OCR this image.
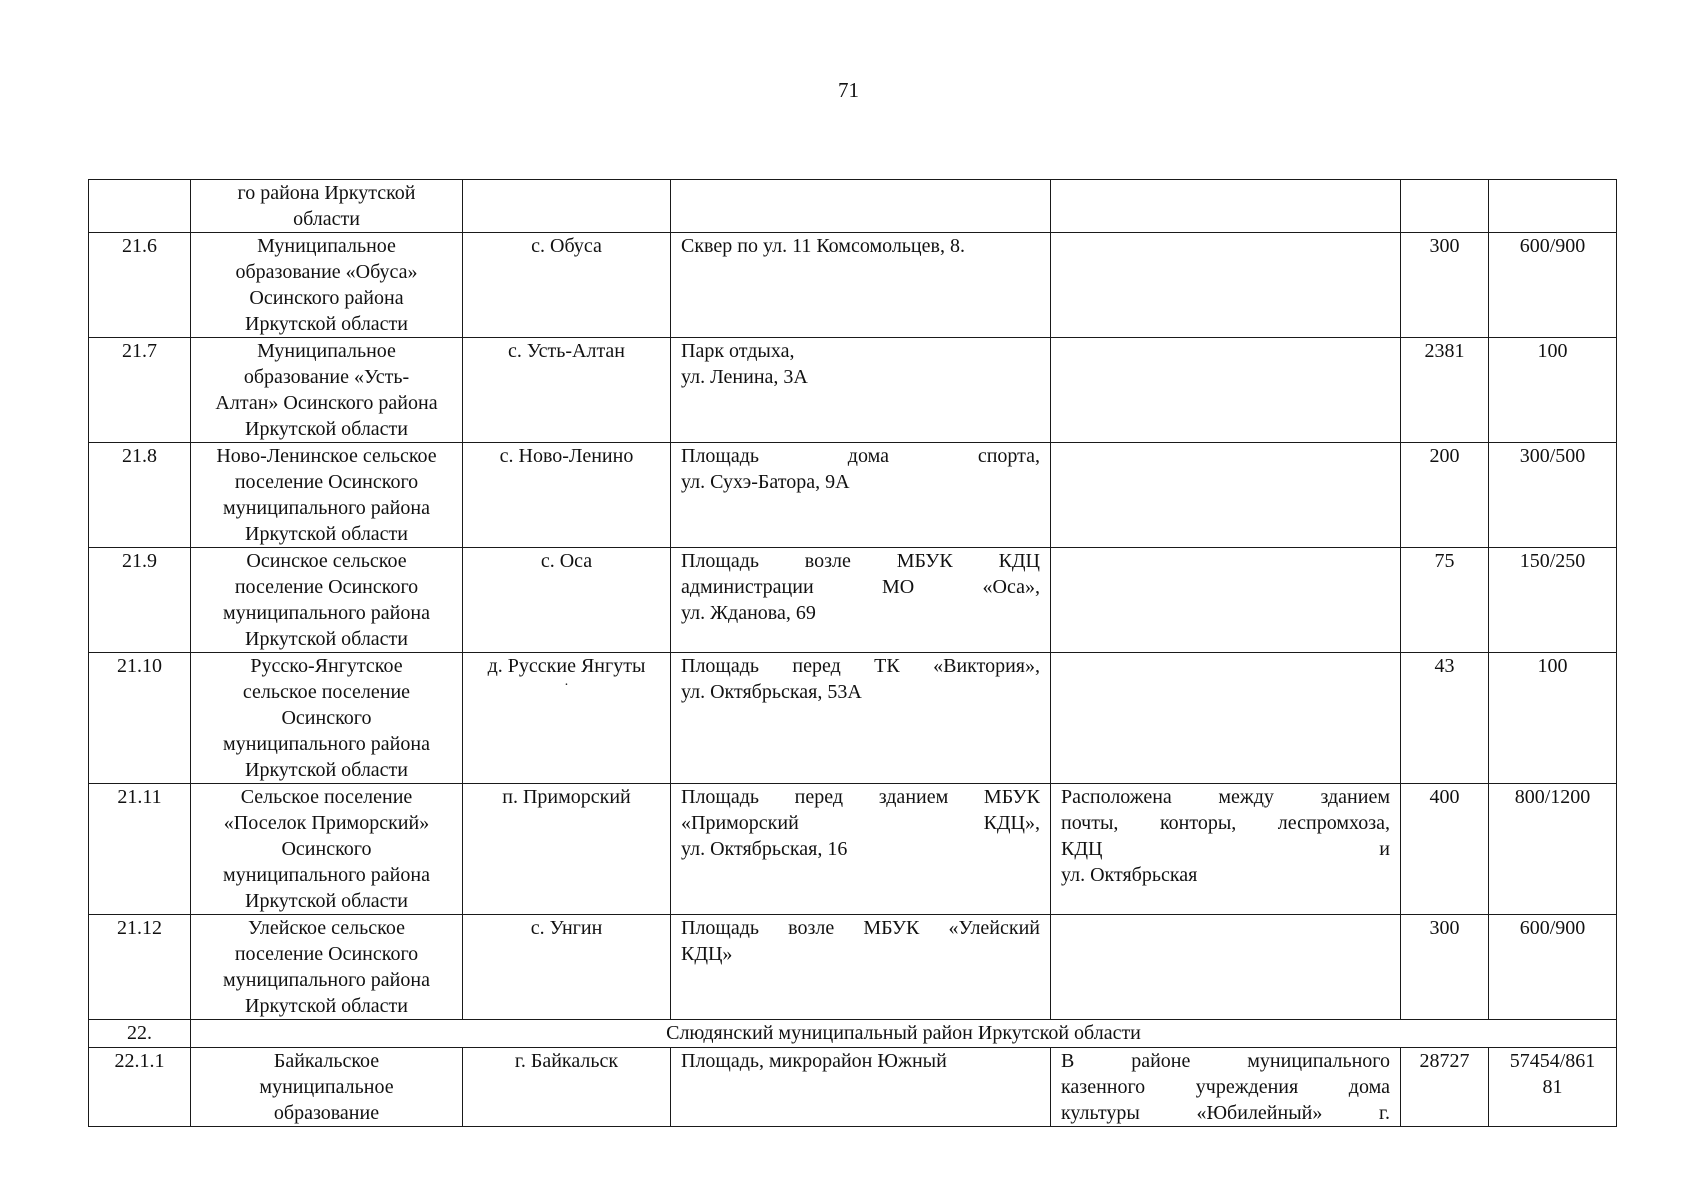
71

	го района Иркутской
области					

21.6	Муниципальное
образование «Обуса»
Осинского района
Иркутской области	с. Обуса	Сквер по ул. 11 Комсомольцев, 8.		300	600/900
21.7	Муниципальное
образование «Усть-
Алтан» Осинского района
Иркутской области	с. Усть-Алтан	Парк отдыха,
ул. Ленина, 3А		2381	100
21.8	Ново-Ленинское сельское
поселение Осинского
муниципального района
Иркутской области	с. Ново-Ленино	Площадь дома спорта,
ул. Сухэ-Батора, 9А		200	300/500
21.9	Осинское сельское
поселение Осинского
муниципального района
Иркутской области	с. Оса	Площадь возле МБУК КДЦ
администрации МО «Оса»,
ул. Жданова, 69		75	150/250
21.10	Русско-Янгутское
сельское поселение
Осинского
муниципального района
Иркутской области	д. Русские Янгуты
·	Площадь перед ТК «Виктория»,
ул. Октябрьская, 53А		43	100
21.11	Сельское поселение
«Поселок Приморский»
Осинского
муниципального района
Иркутской области	п. Приморский	Площадь перед зданием МБУК
«Приморский КДЦ»,
ул. Октябрьская, 16	Расположена между зданием
почты, конторы, леспромхоза,
КДЦ и
ул. Октябрьская	400	800/1200
21.12	Улейское сельское
поселение Осинского
муниципального района
Иркутской области	с. Унгин	Площадь возле МБУК «Улейский
КДЦ»		300	600/900
22.	Слюдянский муниципальный район Иркутской области					
22.1.1	Байкальское
муниципальное
образование	г. Байкальск	Площадь, микрорайон Южный	В районе муниципального
казенного учреждения дома
культуры «Юбилейный» г.	28727	57454/861
81
